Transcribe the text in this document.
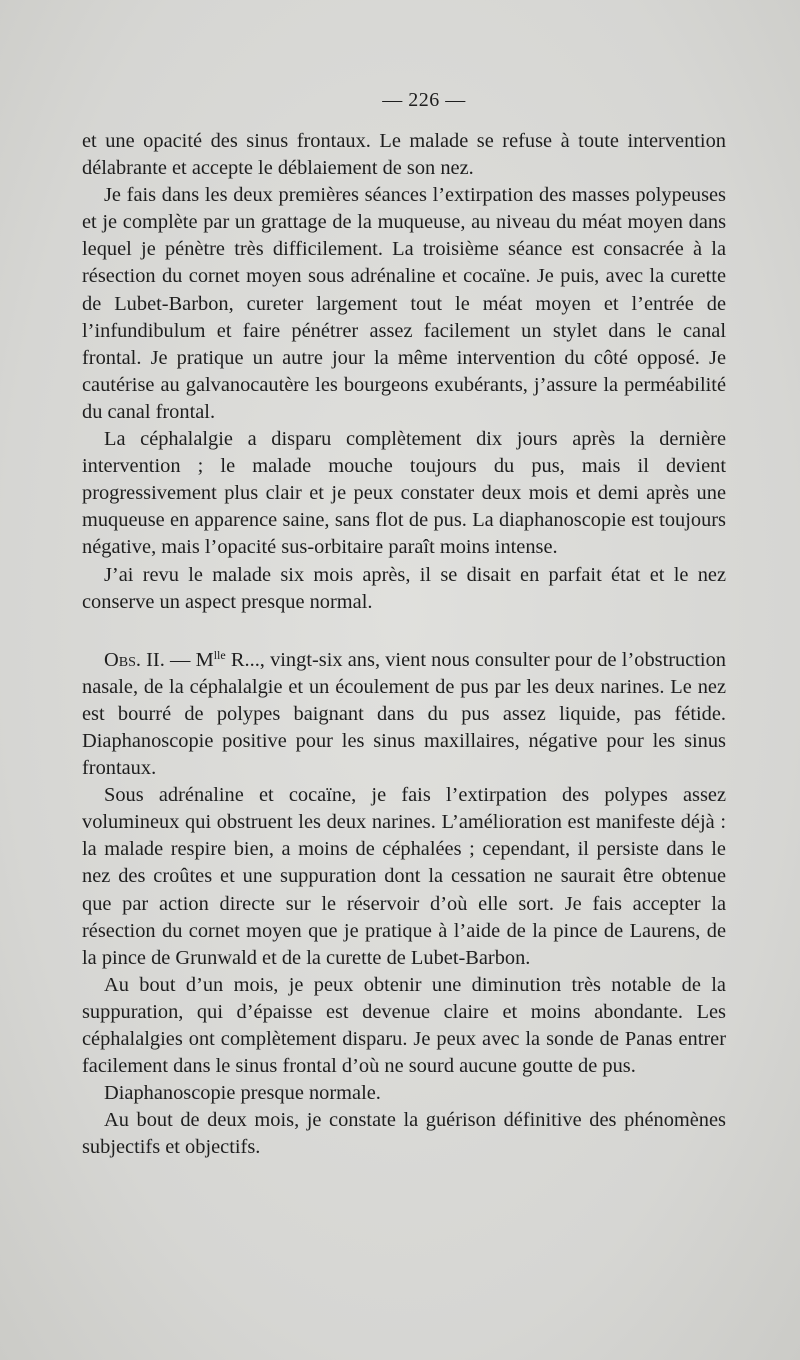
— 226 —

et une opacité des sinus frontaux. Le malade se refuse à toute intervention délabrante et accepte le déblaiement de son nez.

Je fais dans les deux premières séances l’extirpation des masses polypeuses et je complète par un grattage de la muqueuse, au niveau du méat moyen dans lequel je pénètre très difficilement. La troisième séance est consacrée à la résection du cornet moyen sous adrénaline et cocaïne. Je puis, avec la curette de Lubet-Barbon, cureter largement tout le méat moyen et l’entrée de l’infundibulum et faire pénétrer assez facilement un stylet dans le canal frontal. Je pratique un autre jour la même intervention du côté opposé. Je cautérise au galvanocautère les bourgeons exubérants, j’assure la perméabilité du canal frontal.

La céphalalgie a disparu complètement dix jours après la dernière intervention ; le malade mouche toujours du pus, mais il devient progressivement plus clair et je peux constater deux mois et demi après une muqueuse en apparence saine, sans flot de pus. La diaphanoscopie est toujours négative, mais l’opacité sus-orbitaire paraît moins intense.

J’ai revu le malade six mois après, il se disait en parfait état et le nez conserve un aspect presque normal.

Obs. II. — $M^{lle}$ R..., vingt-six ans, vient nous consulter pour de l’obstruction nasale, de la céphalalgie et un écoulement de pus par les deux narines. Le nez est bourré de polypes baignant dans du pus assez liquide, pas fétide. Diaphanoscopie positive pour les sinus maxillaires, négative pour les sinus frontaux.

Sous adrénaline et cocaïne, je fais l’extirpation des polypes assez volumineux qui obstruent les deux narines. L’amélioration est manifeste déjà : la malade respire bien, a moins de céphalées ; cependant, il persiste dans le nez des croûtes et une suppuration dont la cessation ne saurait être obtenue que par action directe sur le réservoir d’où elle sort. Je fais accepter la résection du cornet moyen que je pratique à l’aide de la pince de Laurens, de la pince de Grunwald et de la curette de Lubet-Barbon.

Au bout d’un mois, je peux obtenir une diminution très notable de la suppuration, qui d’épaisse est devenue claire et moins abondante. Les céphalalgies ont complètement disparu. Je peux avec la sonde de Panas entrer facilement dans le sinus frontal d’où ne sourd aucune goutte de pus.

Diaphanoscopie presque normale.

Au bout de deux mois, je constate la guérison définitive des phénomènes subjectifs et objectifs.
